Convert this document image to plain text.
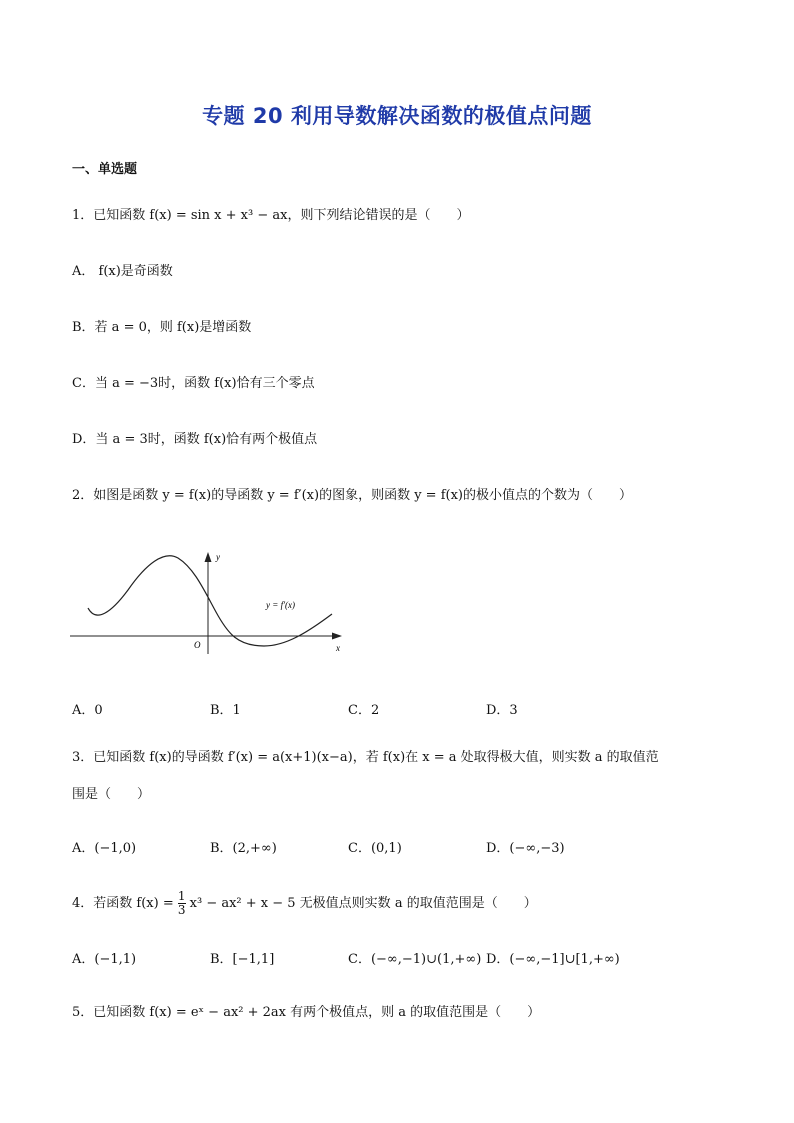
专题 20 利用导数解决函数的极值点问题
一、单选题
1．已知函数 f(x) = sin x + x³ − ax，则下列结论错误的是（　　）
A． f(x)是奇函数
B．若 a = 0，则 f(x)是增函数
C．当 a = −3时，函数 f(x)恰有三个零点
D．当 a = 3时，函数 f(x)恰有两个极值点
2．如图是函数 y = f(x)的导函数 y = f′(x)的图象，则函数 y = f(x)的极小值点的个数为（　　）
y
x
O
y = f′(x)
A．0	B．1	C．2	D．3
3．已知函数 f(x)的导函数 f′(x) = a(x+1)(x−a)，若 f(x)在 x = a 处取得极大值，则实数 a 的取值范
围是（　　）
A．(−1,0)	B．(2,+∞)	C．(0,1)	D．(−∞,−3)
4．若函数 $f(x) = \frac{1}{3} x^3 - ax^2 + x - 5$ 无极值点则实数 a 的取值范围是（　　）
A．(−1,1)	B．[−1,1]	C．(−∞,−1)∪(1,+∞) D．(−∞,−1]∪[1,+∞)
5．已知函数 f(x) = eˣ − ax² + 2ax 有两个极值点，则 a 的取值范围是（　　）
